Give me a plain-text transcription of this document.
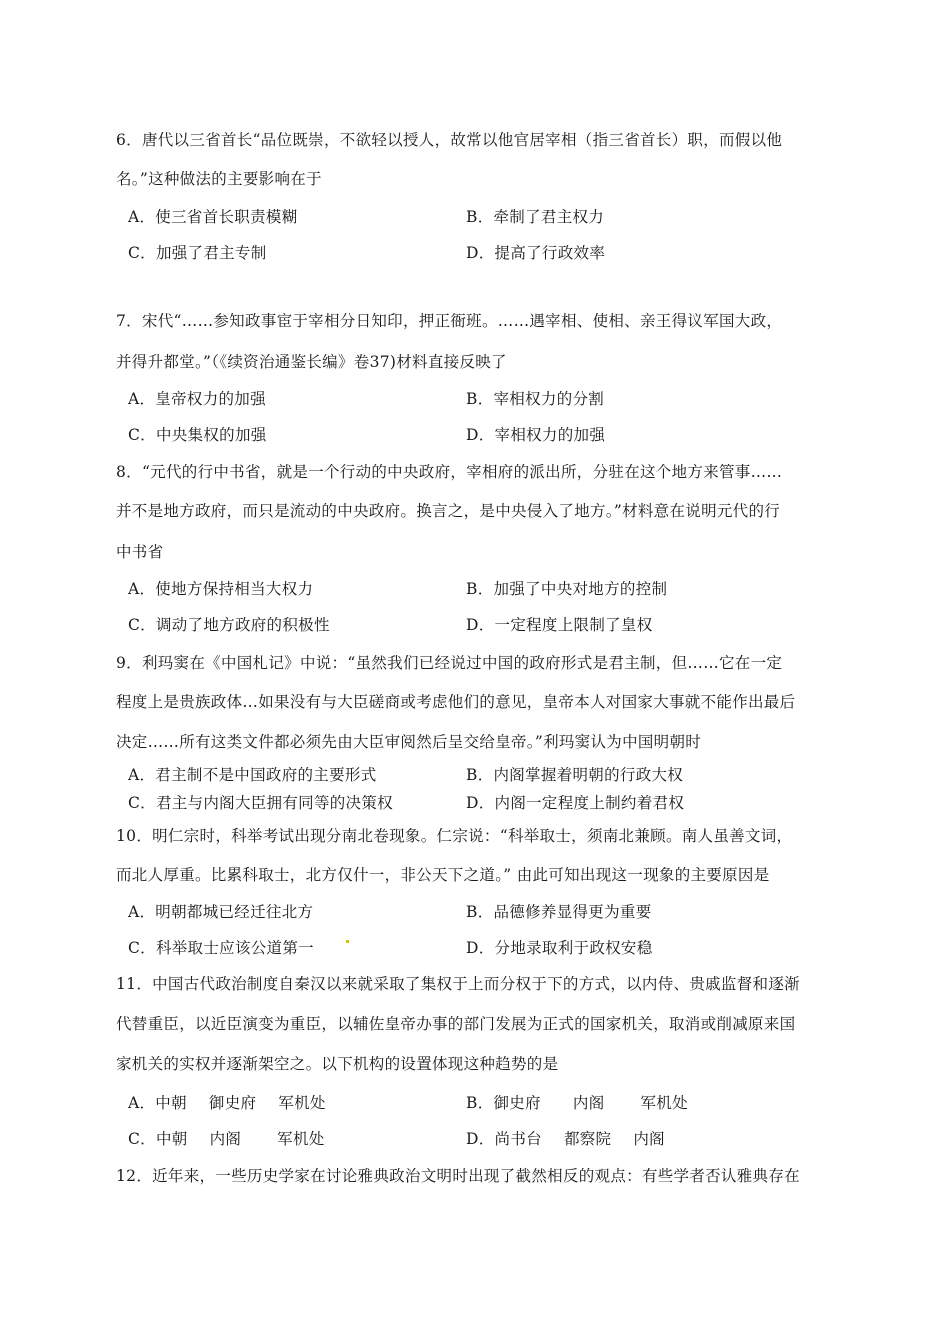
6．唐代以三省首长“品位既崇，不欲轻以授人，故常以他官居宰相（指三省首长）职，而假以他
名。”这种做法的主要影响在于
A．使三省首长职责模糊	B．牵制了君主权力
C．加强了君主专制	D．提高了行政效率
7．宋代“……参知政事宦于宰相分日知印，押正衙班。……遇宰相、使相、亲王得议军国大政，
并得升都堂。”（《续资治通鉴长编》卷37)材料直接反映了
A．皇帝权力的加强	B．宰相权力的分割
C．中央集权的加强	D．宰相权力的加强
8．“元代的行中书省，就是一个行动的中央政府，宰相府的派出所，分驻在这个地方来管事……
并不是地方政府，而只是流动的中央政府。换言之，是中央侵入了地方。”材料意在说明元代的行
中书省
A．使地方保持相当大权力	B．加强了中央对地方的控制
C．调动了地方政府的积极性	D．一定程度上限制了皇权
9．利玛窦在《中国札记》中说：“虽然我们已经说过中国的政府形式是君主制，但……它在一定
程度上是贵族政体…如果没有与大臣磋商或考虑他们的意见，皇帝本人对国家大事就不能作出最后
决定……所有这类文件都必须先由大臣审阅然后呈交给皇帝。”利玛窦认为中国明朝时
A．君主制不是中国政府的主要形式	B．内阁掌握着明朝的行政大权
C．君主与内阁大臣拥有同等的决策权	D．内阁一定程度上制约着君权
10．明仁宗时，科举考试出现分南北卷现象。仁宗说：“科举取士，须南北兼顾。南人虽善文词，
而北人厚重。比累科取士，北方仅什一，非公天下之道。” 由此可知出现这一现象的主要原因是
A．明朝都城已经迁往北方	B．品德修养显得更为重要
C．科举取士应该公道第一	D．分地录取利于政权安稳
11．中国古代政治制度自秦汉以来就采取了集权于上而分权于下的方式，以内侍、贵戚监督和逐渐
代替重臣，以近臣演变为重臣，以辅佐皇帝办事的部门发展为正式的国家机关，取消或削减原来国
家机关的实权并逐渐架空之。以下机构的设置体现这种趋势的是
A．中朝 御史府 军机处	B．御史府 内阁 军机处
C．中朝 内阁 军机处	D．尚书台 都察院 内阁
12．近年来，一些历史学家在讨论雅典政治文明时出现了截然相反的观点：有些学者否认雅典存在
